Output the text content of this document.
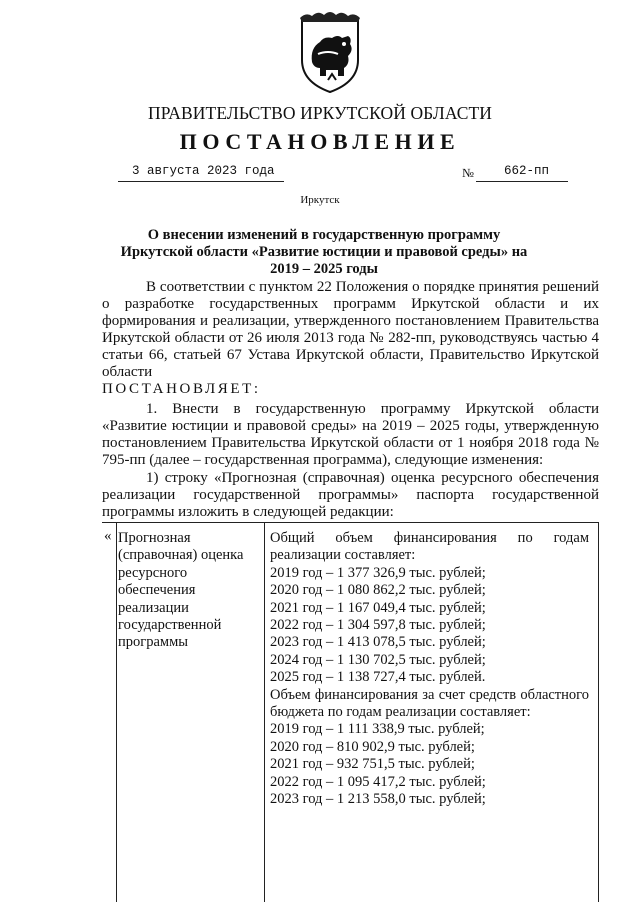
ПРАВИТЕЛЬСТВО ИРКУТСКОЙ ОБЛАСТИ
ПОСТАНОВЛЕНИЕ
3 августа 2023 года	№ 662-пп
Иркутск
О внесении изменений в государственную программу Иркутской области «Развитие юстиции и правовой среды» на 2019 – 2025 годы

В соответствии с пунктом 22 Положения о порядке принятия решений о разработке государственных программ Иркутской области и их формирования и реализации, утвержденного постановлением Правительства Иркутской области от 26 июля 2013 года № 282-пп, руководствуясь частью 4 статьи 66, статьей 67 Устава Иркутской области, Правительство Иркутской области

ПОСТАНОВЛЯЕТ:

1. Внести в государственную программу Иркутской области «Развитие юстиции и правовой среды» на 2019 – 2025 годы, утвержденную постановлением Правительства Иркутской области от 1 ноября 2018 года № 795-пп (далее – государственная программа), следующие изменения:

1) строку «Прогнозная (справочная) оценка ресурсного обеспечения реализации государственной программы» паспорта государственной программы изложить в следующей редакции:

« Прогнозная
(справочная) оценка
ресурсного
обеспечения
реализации
государственной
программы
Общий объем финансирования по годам реализации составляет:
2019 год – 1 377 326,9 тыс. рублей;
2020 год – 1 080 862,2 тыс. рублей;
2021 год – 1 167 049,4 тыс. рублей;
2022 год – 1 304 597,8 тыс. рублей;
2023 год – 1 413 078,5 тыс. рублей;
2024 год – 1 130 702,5 тыс. рублей;
2025 год – 1 138 727,4 тыс. рублей.
Объем финансирования за счет средств областного бюджета по годам реализации составляет:
2019 год – 1 111 338,9 тыс. рублей;
2020 год – 810 902,9 тыс. рублей;
2021 год – 932 751,5 тыс. рублей;
2022 год – 1 095 417,2 тыс. рублей;
2023 год – 1 213 558,0 тыс. рублей;
